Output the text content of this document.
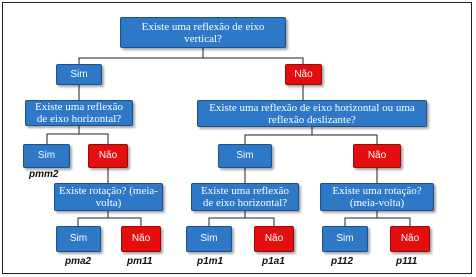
Existe uma reflexão de eixo vertical?
Sim	Não
Existe uma reflexão de eixo horizontal?
Existe uma reflexão de eixo horizontal ou uma reflexão deslizante?
Sim	Não	Sim	Não
pmm2
Existe rotação? (meia-volta)
Existe uma reflexão de eixo horizontal?
Existe uma rotação? (meia-volta)
Sim	Não	Sim	Não	Sim	Não
pma2	pm11	p1m1	p1a1	p112	p111
